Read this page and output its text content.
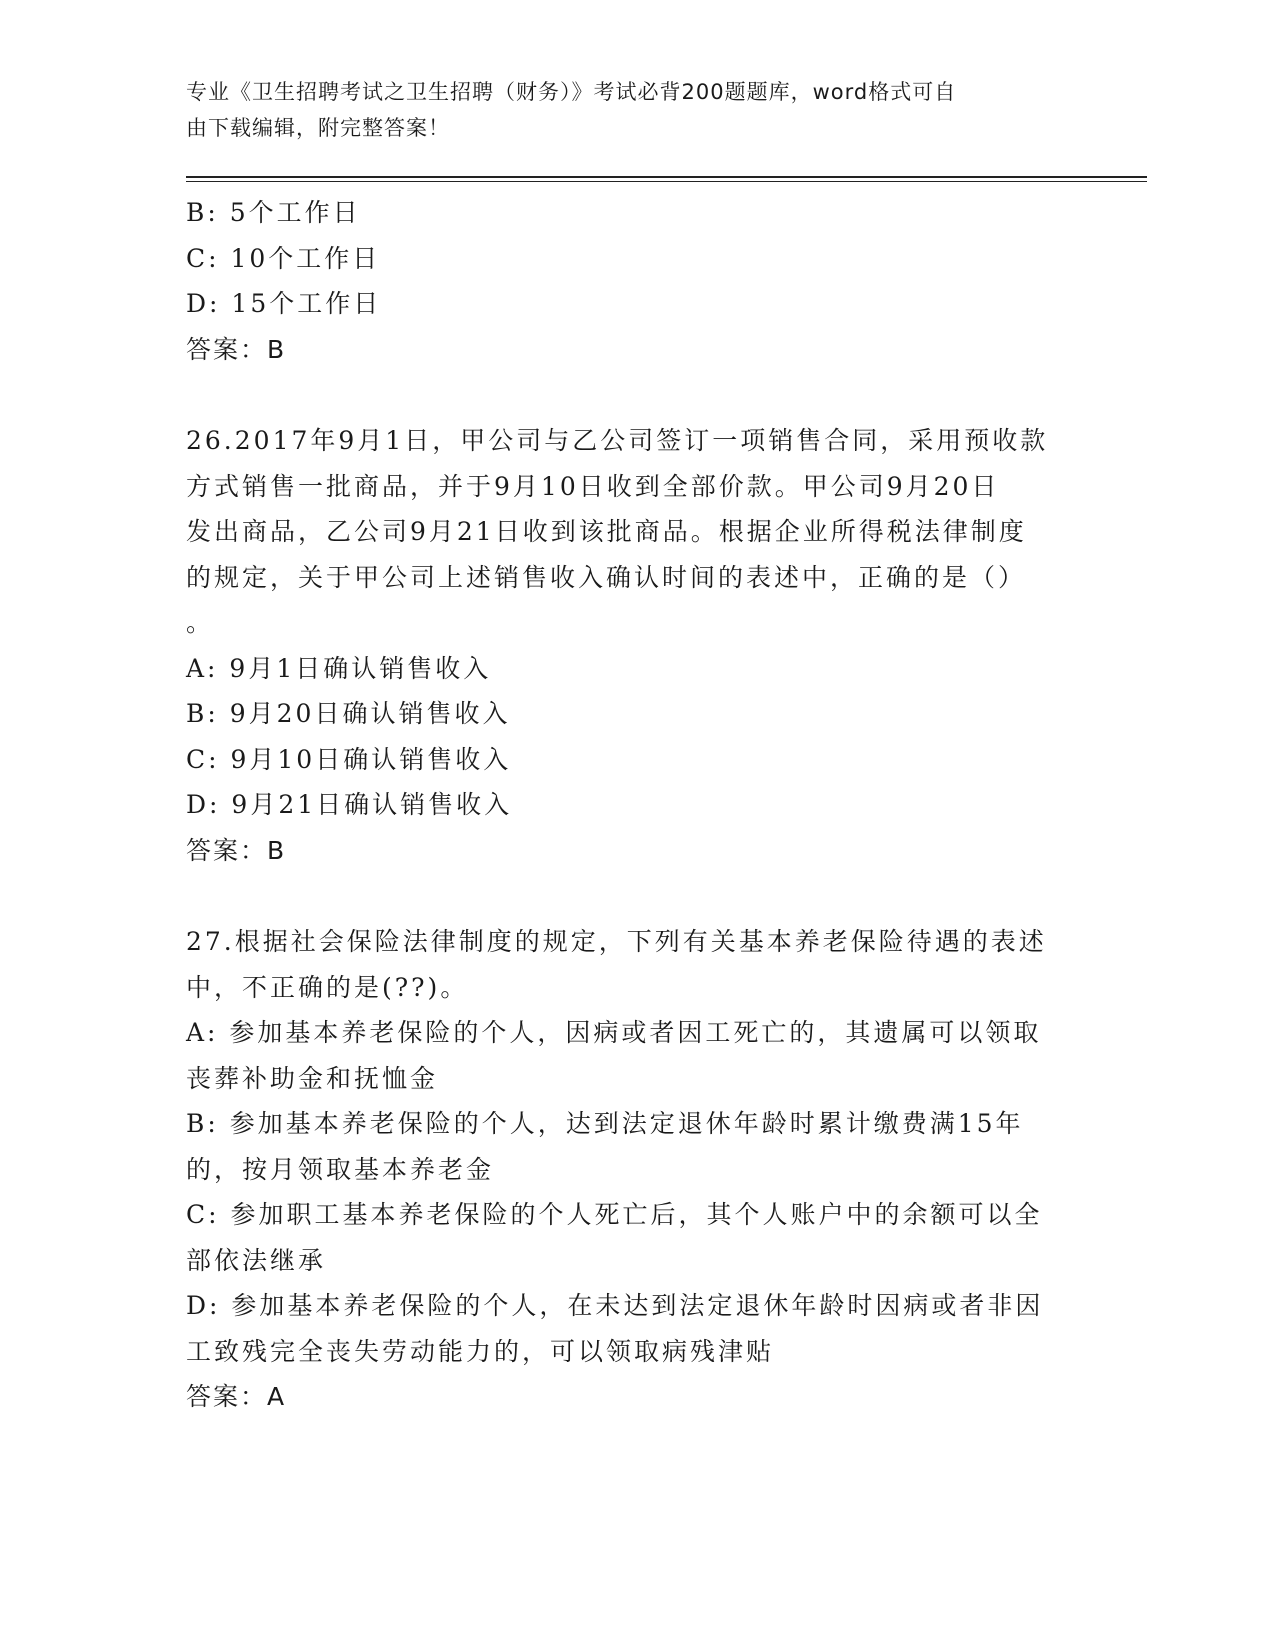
专业《卫生招聘考试之卫生招聘（财务）》考试必背200题题库，word格式可自
由下载编辑，附完整答案！

B: 5个工作日

C: 10个工作日

D: 15个工作日

答案：B

26.2017年9月1日，甲公司与乙公司签订一项销售合同，采用预收款

方式销售一批商品，并于9月10日收到全部价款。甲公司9月20日

发出商品，乙公司9月21日收到该批商品。根据企业所得税法律制度

的规定，关于甲公司上述销售收入确认时间的表述中，正确的是（）

。

A: 9月1日确认销售收入

B: 9月20日确认销售收入

C: 9月10日确认销售收入

D: 9月21日确认销售收入

答案：B

27.根据社会保险法律制度的规定，下列有关基本养老保险待遇的表述

中，不正确的是(??)。

A: 参加基本养老保险的个人，因病或者因工死亡的，其遗属可以领取

丧葬补助金和抚恤金

B: 参加基本养老保险的个人，达到法定退休年龄时累计缴费满15年

的，按月领取基本养老金

C: 参加职工基本养老保险的个人死亡后，其个人账户中的余额可以全

部依法继承

D: 参加基本养老保险的个人，在未达到法定退休年龄时因病或者非因

工致残完全丧失劳动能力的，可以领取病残津贴

答案：A
